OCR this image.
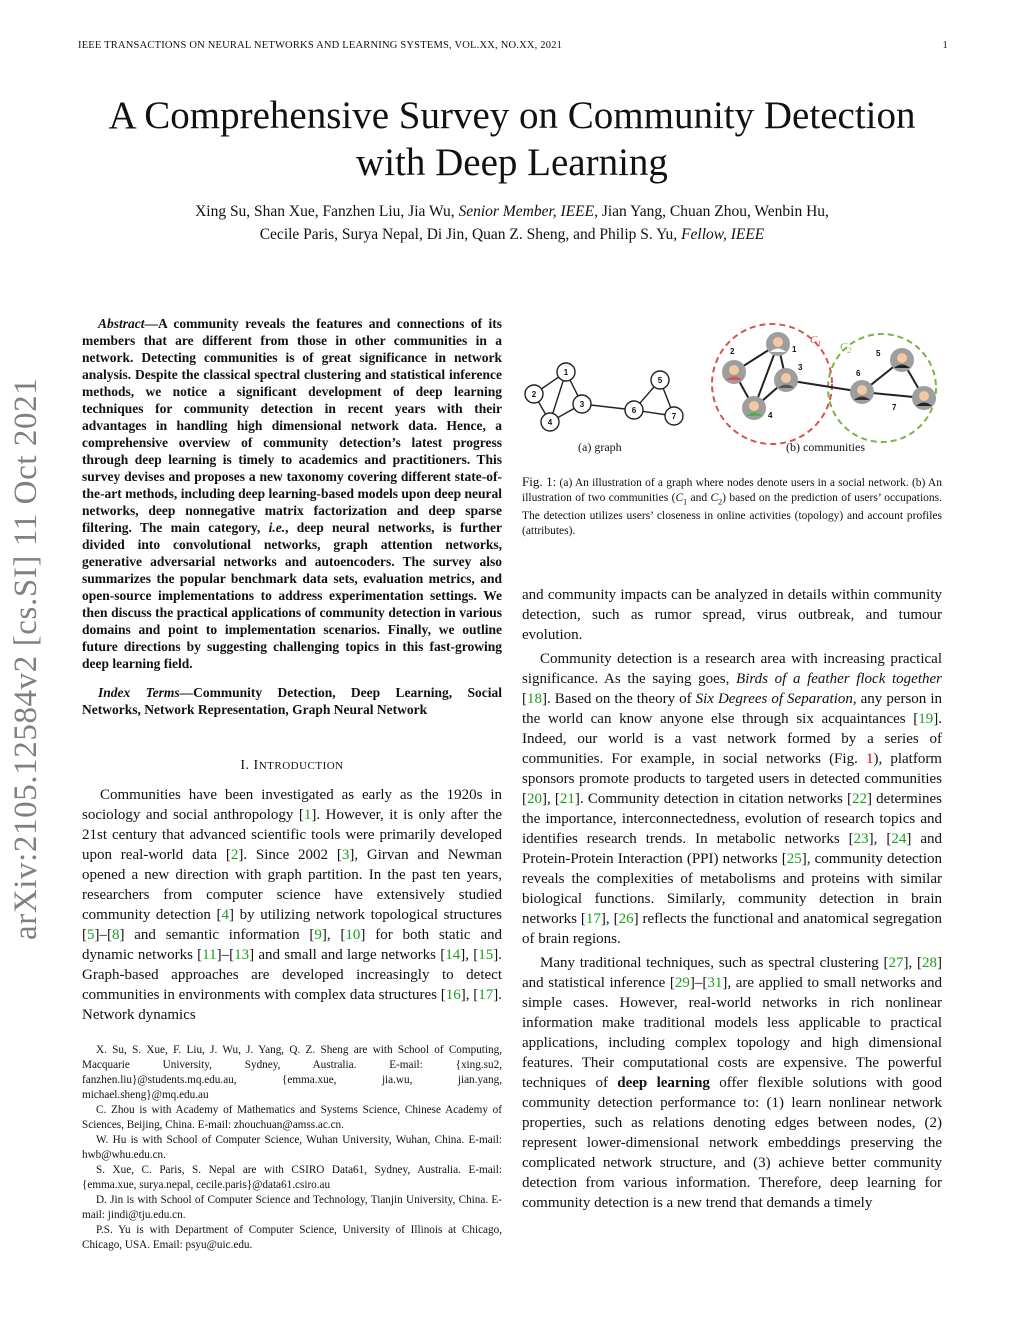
IEEE TRANSACTIONS ON NEURAL NETWORKS AND LEARNING SYSTEMS, VOL.XX, NO.XX, 2021	1
A Comprehensive Survey on Community Detection
with Deep Learning
Xing Su, Shan Xue, Fanzhen Liu, Jia Wu, Senior Member, IEEE, Jian Yang, Chuan Zhou, Wenbin Hu,
Cecile Paris, Surya Nepal, Di Jin, Quan Z. Sheng, and Philip S. Yu, Fellow, IEEE
arXiv:2105.12584v2 [cs.SI] 11 Oct 2021

Abstract—A community reveals the features and connections of its members that are different from those in other communities in a network. Detecting communities is of great significance in network analysis. Despite the classical spectral clustering and statistical inference methods, we notice a significant development of deep learning techniques for community detection in recent years with their advantages in handling high dimensional network data. Hence, a comprehensive overview of community detection’s latest progress through deep learning is timely to academics and practitioners. This survey devises and proposes a new taxonomy covering different state-of-the-art methods, including deep learning-based models upon deep neural networks, deep nonnegative matrix factorization and deep sparse filtering. The main category, i.e., deep neural networks, is further divided into convolutional networks, graph attention networks, generative adversarial networks and autoencoders. The survey also summarizes the popular benchmark data sets, evaluation metrics, and open-source implementations to address experimentation settings. We then discuss the practical applications of community detection in various domains and point to implementation scenarios. Finally, we outline future directions by suggesting challenging topics in this fast-growing deep learning field.

Index Terms—Community Detection, Deep Learning, Social Networks, Network Representation, Graph Neural Network

I. INTRODUCTION

Communities have been investigated as early as the 1920s in sociology and social anthropology [1]. However, it is only after the 21st century that advanced scientific tools were primarily developed upon real-world data [2]. Since 2002 [3], Girvan and Newman opened a new direction with graph partition. In the past ten years, researchers from computer science have extensively studied community detection [4] by utilizing network topological structures [5]–[8] and semantic information [9], [10] for both static and dynamic networks [11]–[13] and small and large networks [14], [15]. Graph-based approaches are developed increasingly to detect communities in environments with complex data structures [16], [17]. Network dynamics

X. Su, S. Xue, F. Liu, J. Wu, J. Yang, Q. Z. Sheng are with School of Computing, Macquarie University, Sydney, Australia. E-mail: {xing.su2, fanzhen.liu}@students.mq.edu.au, {emma.xue, jia.wu, jian.yang, michael.sheng}@mq.edu.au

C. Zhou is with Academy of Mathematics and Systems Science, Chinese Academy of Sciences, Beijing, China. E-mail: zhouchuan@amss.ac.cn.

W. Hu is with School of Computer Science, Wuhan University, Wuhan, China. E-mail: hwb@whu.edu.cn.

S. Xue, C. Paris, S. Nepal are with CSIRO Data61, Sydney, Australia. E-mail: {emma.xue, surya.nepal, cecile.paris}@data61.csiro.au

D. Jin is with School of Computer Science and Technology, Tianjin University, China. E-mail: jindi@tju.edu.cn.

P.S. Yu is with Department of Computer Science, University of Illinois at Chicago, Chicago, USA. Email: psyu@uic.edu.

1
2
3
4
5
6
7
$C_1$ $C_2$
1
2
3
4
5
6
7
(a) graph	(b) communities
Fig. 1: (a) An illustration of a graph where nodes denote users in a social network. (b) An illustration of two communities ($C_1$ and $C_2$) based on the prediction of users’ occupations. The detection utilizes users’ closeness in online activities (topology) and account profiles (attributes).

and community impacts can be analyzed in details within community detection, such as rumor spread, virus outbreak, and tumour evolution.

Community detection is a research area with increasing practical significance. As the saying goes, Birds of a feather flock together [18]. Based on the theory of Six Degrees of Separation, any person in the world can know anyone else through six acquaintances [19]. Indeed, our world is a vast network formed by a series of communities. For example, in social networks (Fig. 1), platform sponsors promote products to targeted users in detected communities [20], [21]. Community detection in citation networks [22] determines the importance, interconnectedness, evolution of research topics and identifies research trends. In metabolic networks [23], [24] and Protein-Protein Interaction (PPI) networks [25], community detection reveals the complexities of metabolisms and proteins with similar biological functions. Similarly, community detection in brain networks [17], [26] reflects the functional and anatomical segregation of brain regions.

Many traditional techniques, such as spectral clustering [27], [28] and statistical inference [29]–[31], are applied to small networks and simple cases. However, real-world networks in rich nonlinear information make traditional models less applicable to practical applications, including complex topology and high dimensional features. Their computational costs are expensive. The powerful techniques of deep learning offer flexible solutions with good community detection performance to: (1) learn nonlinear network properties, such as relations denoting edges between nodes, (2) represent lower-dimensional network embeddings preserving the complicated network structure, and (3) achieve better community detection from various information. Therefore, deep learning for community detection is a new trend that demands a timely
